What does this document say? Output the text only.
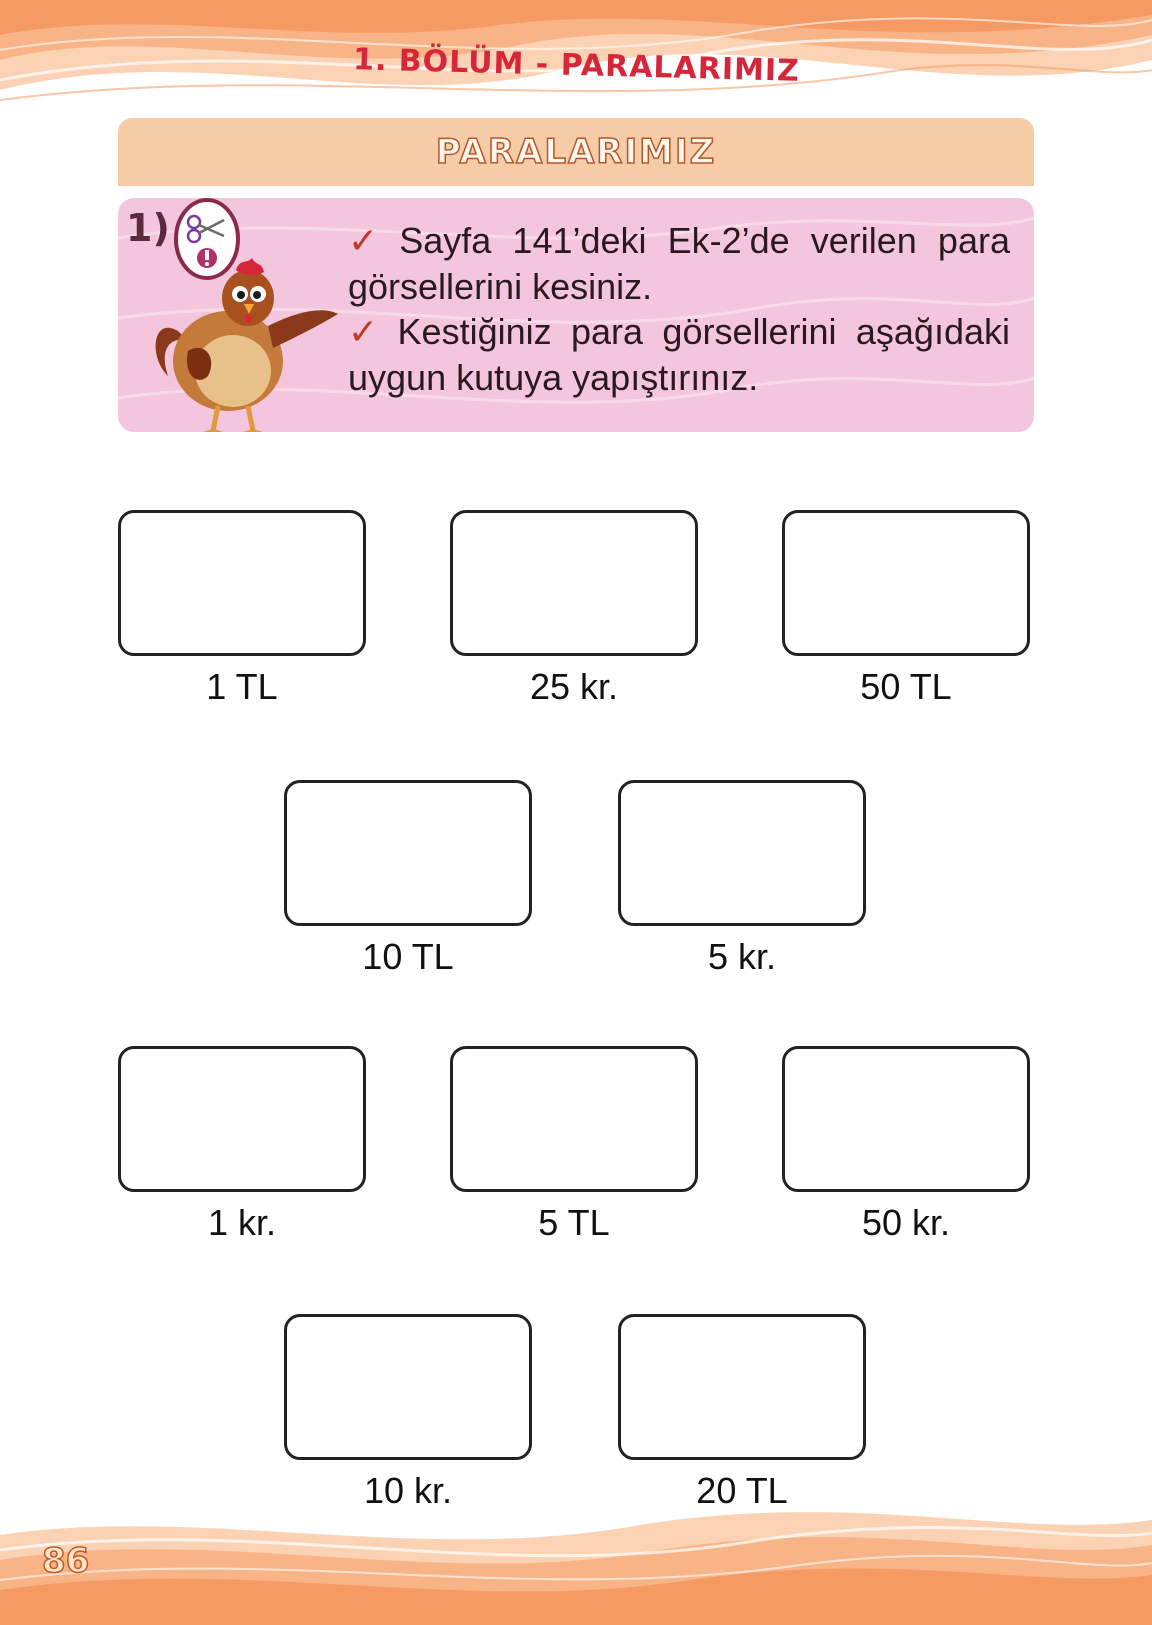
1. BÖLÜM - PARALARIMIZ
PARALARIMIZ
1)	✓ Sayfa 141’deki Ek-2’de verilen para görsellerini kesiniz.

✓ Kestiğiniz para görsellerini aşağıdaki uygun kutuya yapıştırınız.

1 TL	25 kr.	50 TL
10 TL	5 kr.
1 kr.	5 TL	50 kr.
10 kr.	20 TL
86
